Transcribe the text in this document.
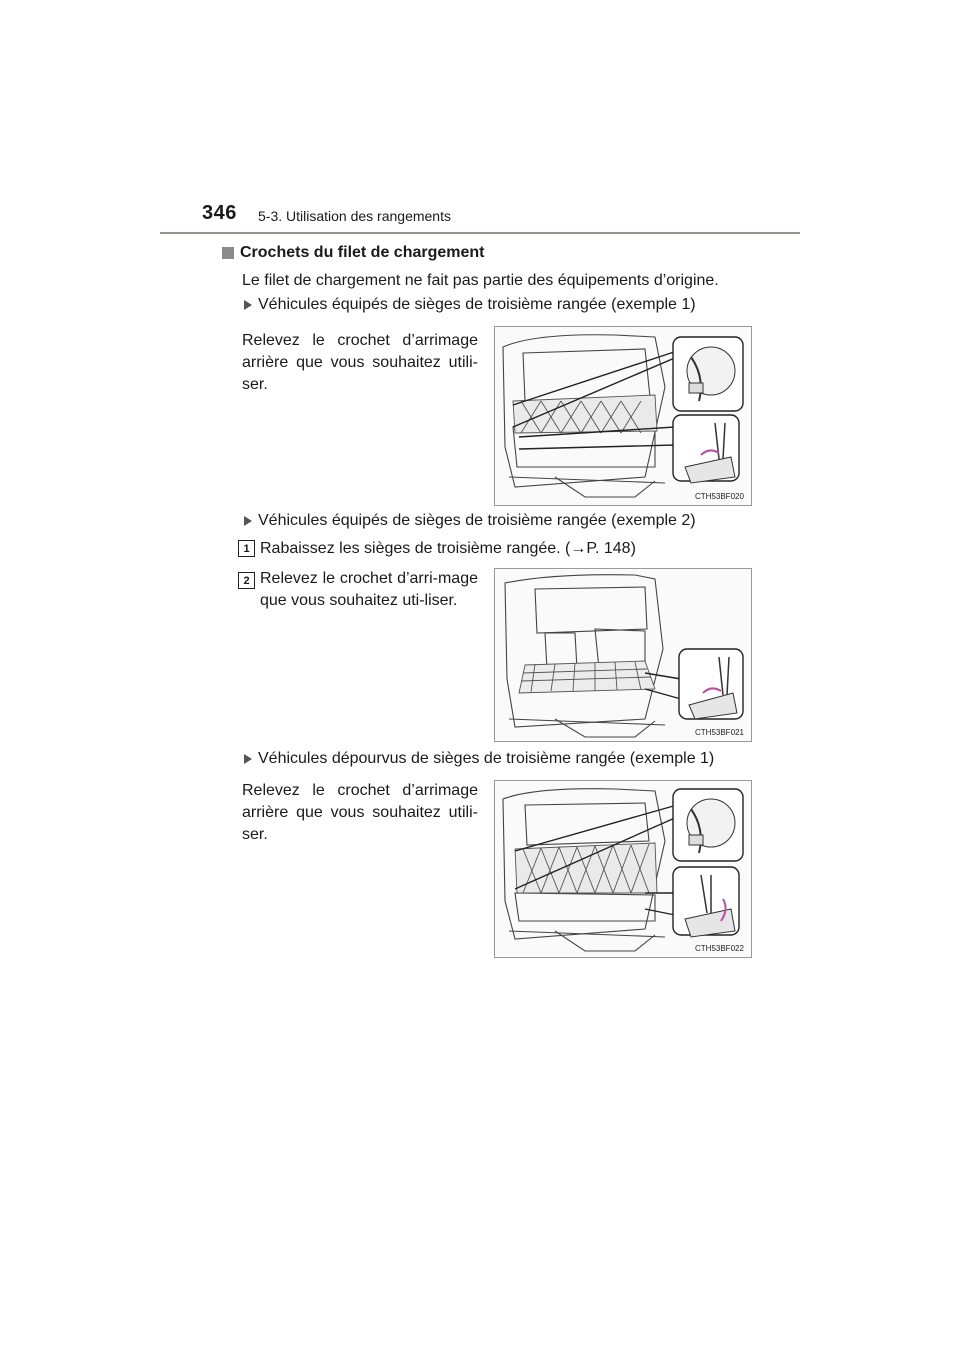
346 5-3. Utilisation des rangements
Crochets du filet de chargement
Le filet de chargement ne fait pas partie des équipements d’origine.
Véhicules équipés de sièges de troisième rangée (exemple 1)
Relevez le crochet d’arrimage arrière que vous souhaitez utili-ser.
CTH53BF020
Véhicules équipés de sièges de troisième rangée (exemple 2)
1 Rabaissez les sièges de troisième rangée. (→P. 148)
2 Relevez le crochet d’arri-mage que vous souhaitez uti-liser.
CTH53BF021
Véhicules dépourvus de sièges de troisième rangée (exemple 1)
Relevez le crochet d’arrimage arrière que vous souhaitez utili-ser.
CTH53BF022
